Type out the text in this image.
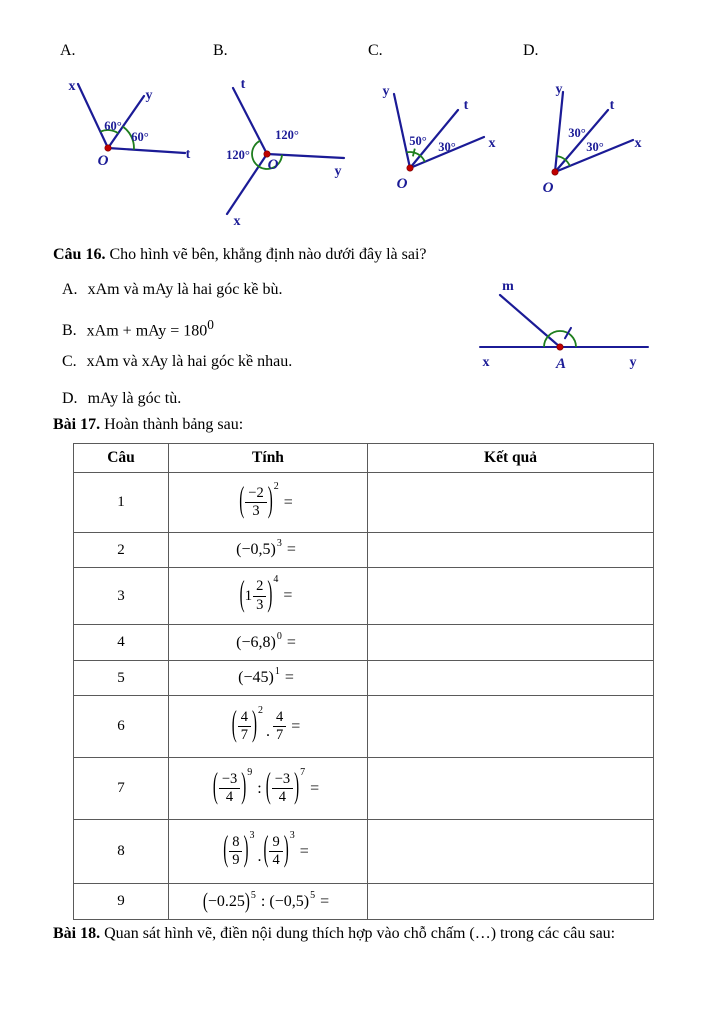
A.	B.	C.	D.
x
y
t
O
60°
60°
t
y
x
O
120°
120°
y
t
x
O
50° 30°
y
t
x
O
30°
30°
Câu 16. Cho hình vẽ bên, khẳng định nào dưới đây là sai?
A. xAm và mAy là hai góc kề bù.
B. xAm + mAy = $180^0$
C. xAm và xAy là hai góc kề nhau.
D. mAy là góc tù.
m
x	A	y
Bài 17. Hoàn thành bảng sau:
Câu	Tính	Kết quả
1	( −2
3 ) 2
=

2	(−0,5) 3 =	

3	( 1
2
3 ) 4
=

4	(−6,8) 0 =	

5	(−45) 1 =	

6	( 4
7 ) 2
. $\frac{4}{7}$ =

7	( −3
4 ) 9
: ( −3
4 ) 7
=

8	( 8
9 ) 3
. ( 9
4 ) 3
=

9	( −0.25 ) 5 : (−0,5) 5 =

Bài 18. Quan sát hình vẽ, điền nội dung thích hợp vào chỗ chấm (…) trong các câu sau:
